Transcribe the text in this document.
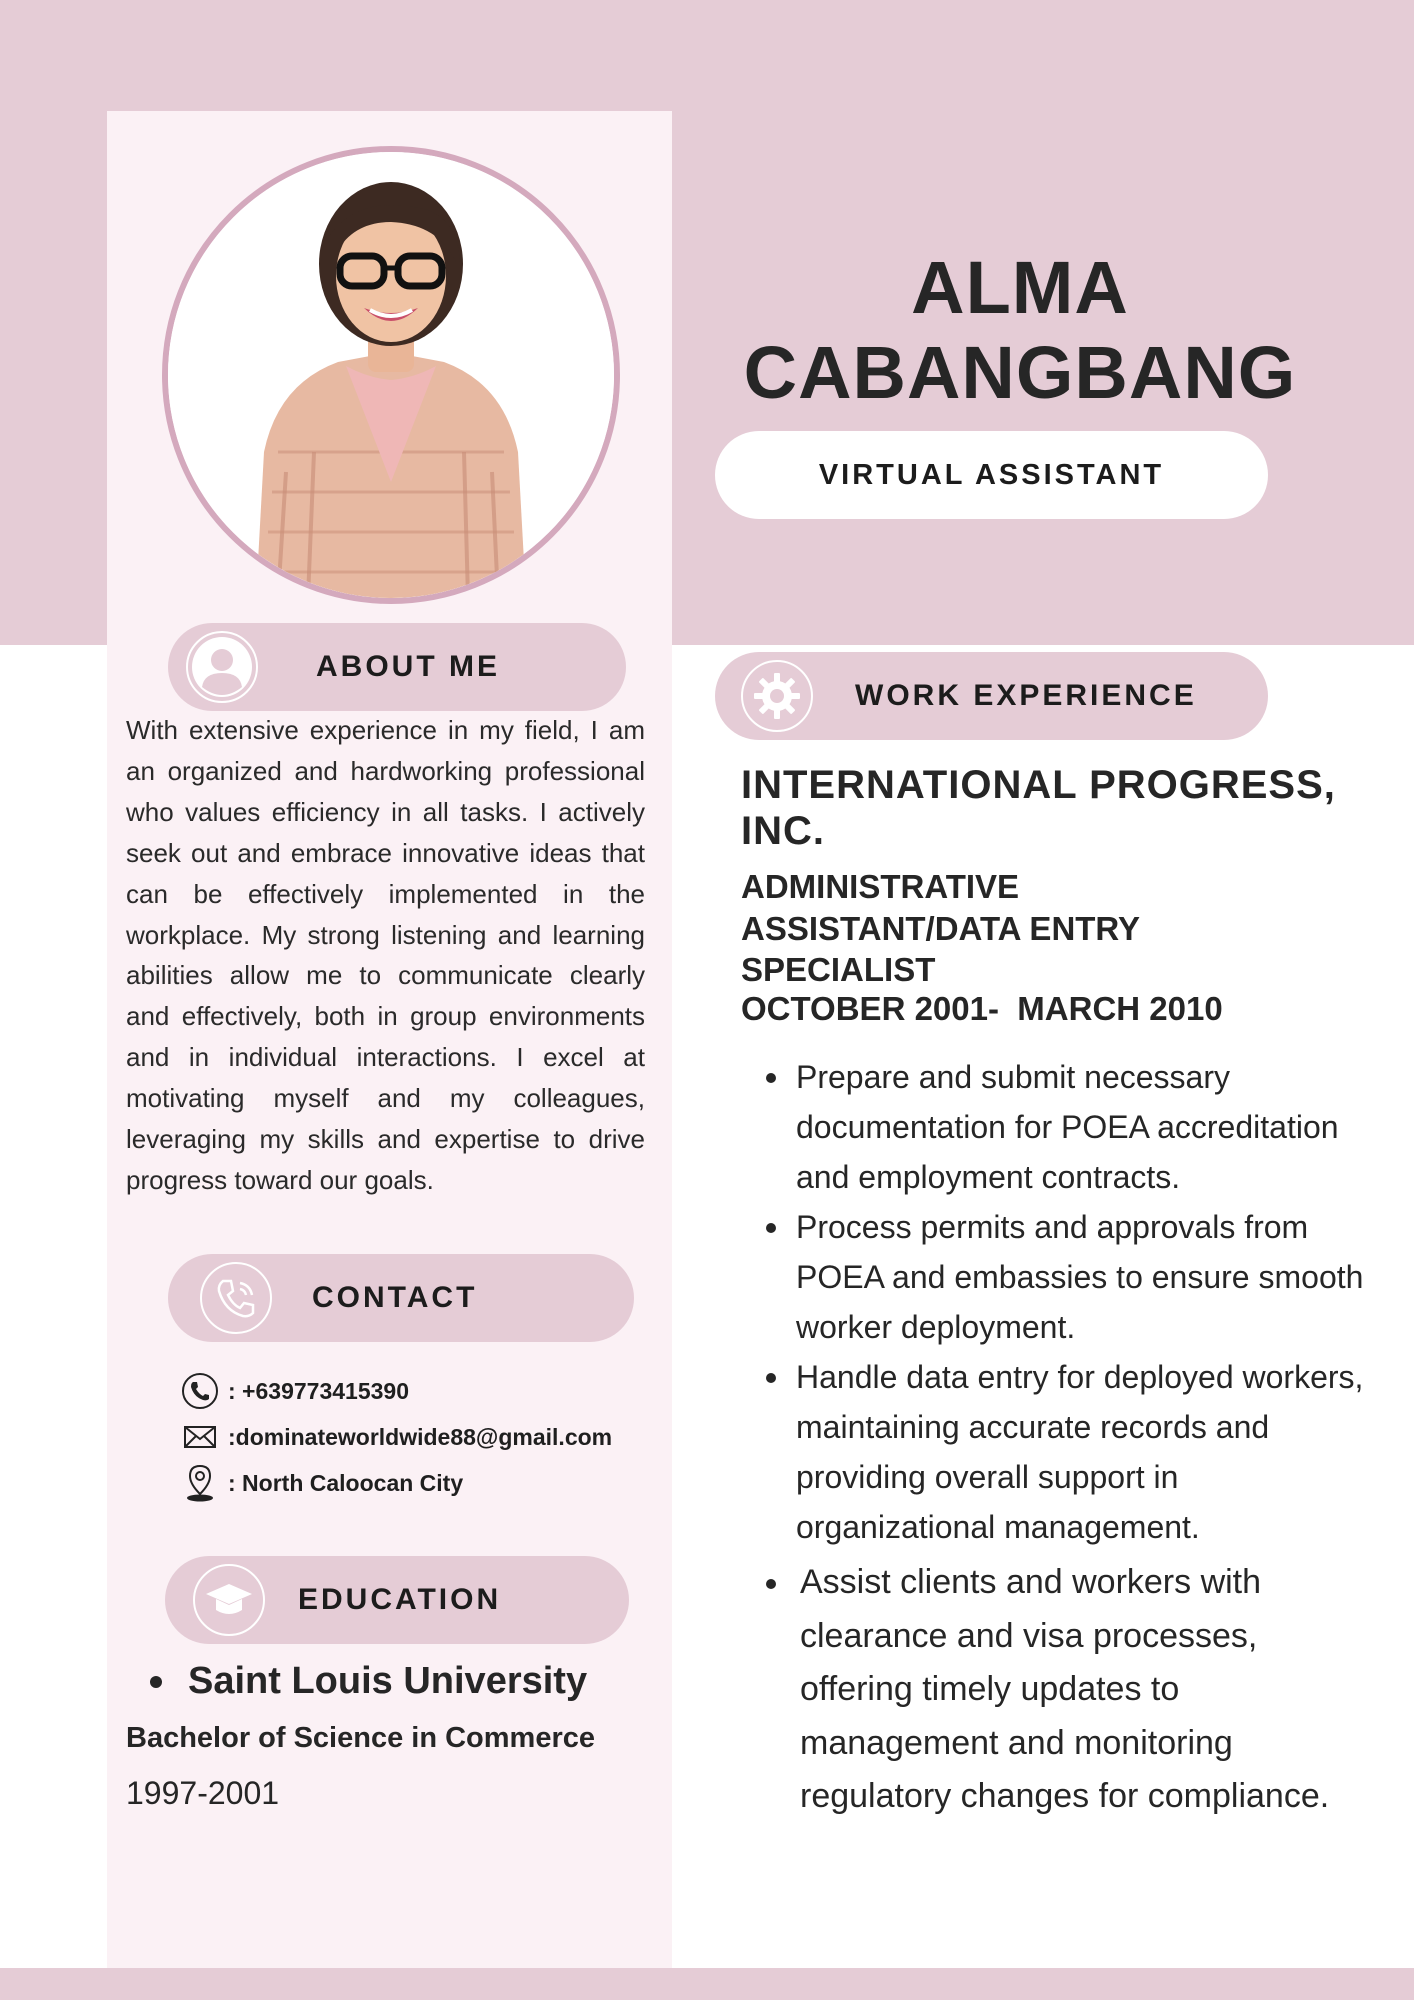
ALMA
CABANGBANG
VIRTUAL ASSISTANT
ABOUT ME

With extensive experience in my field, I am an organized and hardworking professional who values efficiency in all tasks. I actively seek out and embrace innovative ideas that can be effectively implemented in the workplace. My strong listening and learning abilities allow me to communicate clearly and effectively, both in group environments and in individual interactions. I excel at motivating myself and my colleagues, leveraging my skills and expertise to drive progress toward our goals.

CONTACT
: +639773415390
:dominateworldwide88@gmail.com
: North Caloocan City
EDUCATION
Saint Louis University
Bachelor of Science in Commerce
1997-2001
WORK EXPERIENCE
INTERNATIONAL PROGRESS, INC.
ADMINISTRATIVE ASSISTANT/DATA ENTRY SPECIALIST
OCTOBER 2001-  MARCH 2010
Prepare and submit necessary documentation for POEA accreditation and employment contracts.
Process permits and approvals from POEA and embassies to ensure smooth worker deployment.
Handle data entry for deployed workers, maintaining accurate records and providing overall support in organizational management.
Assist clients and workers with clearance and visa processes, offering timely updates to management and monitoring regulatory changes for compliance.
